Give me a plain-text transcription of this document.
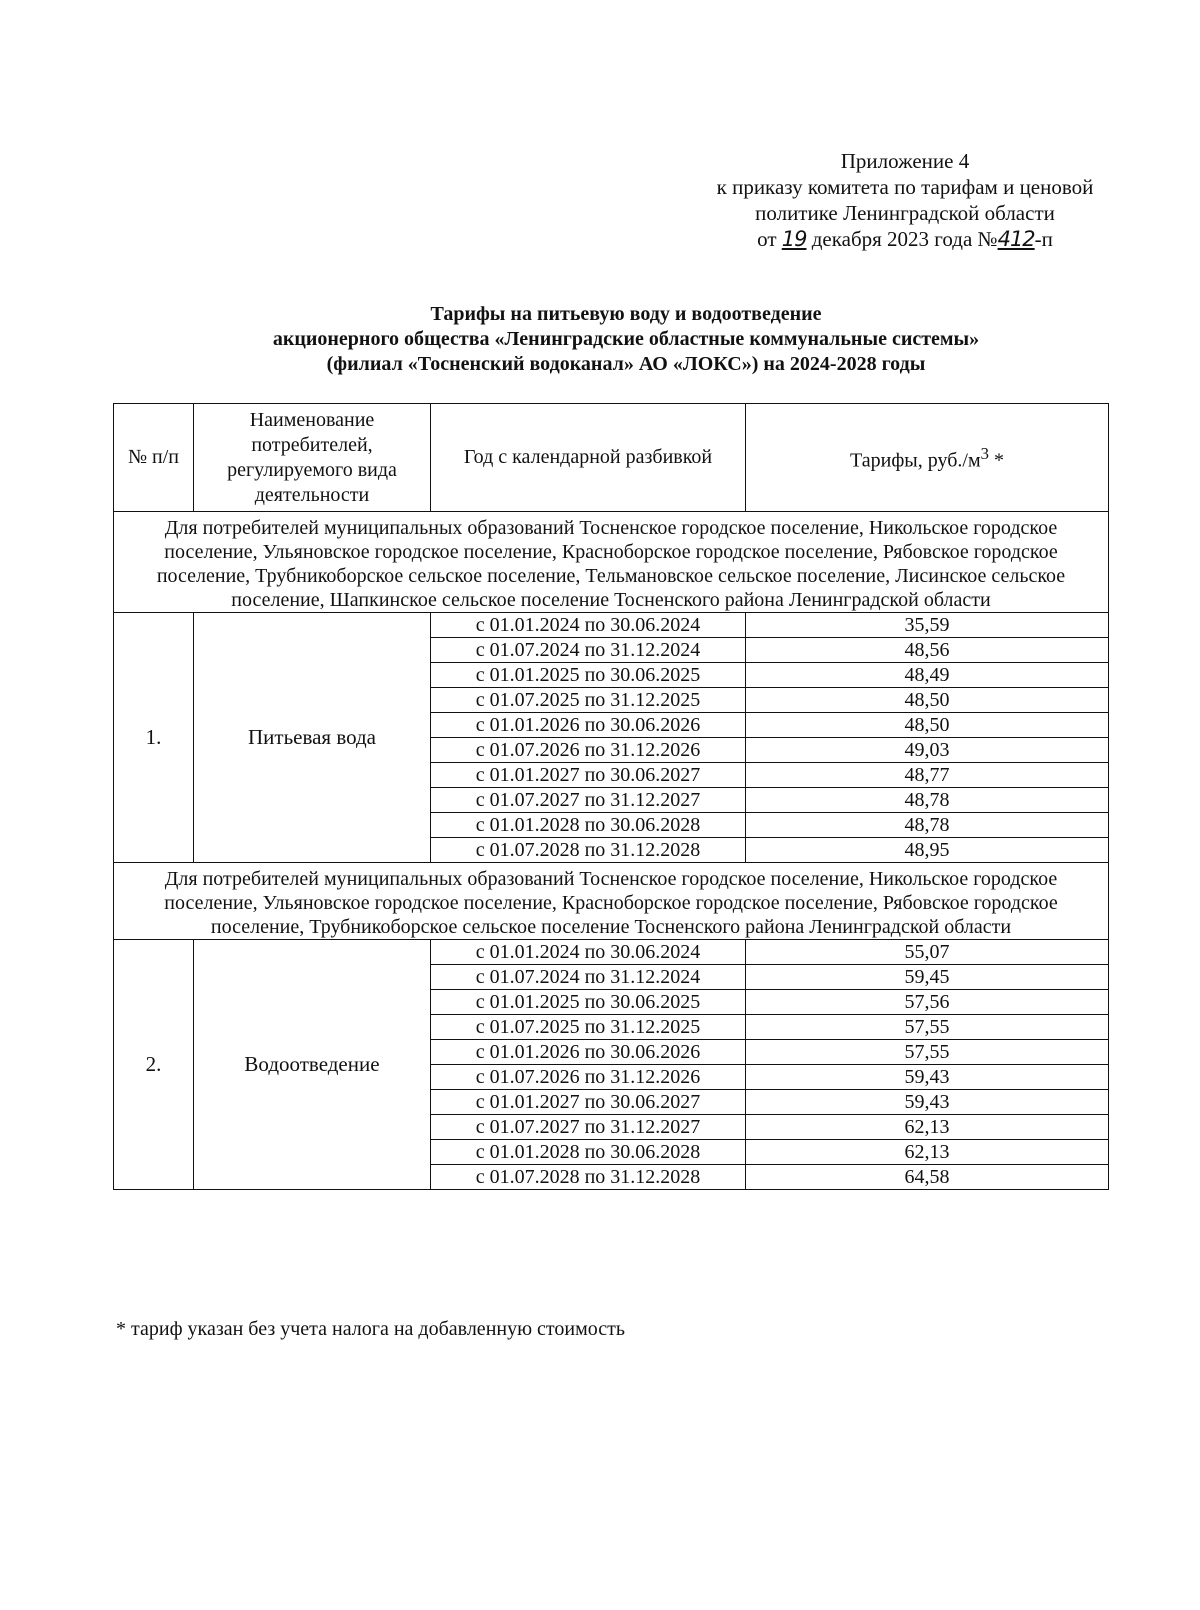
Приложение 4
к приказу комитета по тарифам и ценовой
политике Ленинградской области
от 19 декабря 2023 года №412-п
Тарифы на питьевую воду и водоотведение
акционерного общества «Ленинградские областные коммунальные системы»
(филиал «Тосненский водоканал» АО «ЛОКС») на 2024-2028 годы
№ п/п	Наименование потребителей, регулируемого вида деятельности	Год с календарной разбивкой	Тарифы, $руб./м^3$ *
Для потребителей муниципальных образований Тосненское городское поселение, Никольское городское поселение, Ульяновское городское поселение, Красноборское городское поселение, Рябовское городское поселение, Трубникоборское сельское поселение, Тельмановское сельское поселение, Лисинское сельское поселение, Шапкинское сельское поселение Тосненского района Ленинградской области			
1.	Питьевая вода	с 01.01.2024 по 30.06.2024	35,59
		с 01.07.2024 по 31.12.2024	48,56
		с 01.01.2025 по 30.06.2025	48,49
		с 01.07.2025 по 31.12.2025	48,50
		с 01.01.2026 по 30.06.2026	48,50
		с 01.07.2026 по 31.12.2026	49,03
		с 01.01.2027 по 30.06.2027	48,77
		с 01.07.2027 по 31.12.2027	48,78
		с 01.01.2028 по 30.06.2028	48,78
		с 01.07.2028 по 31.12.2028	48,95
Для потребителей муниципальных образований Тосненское городское поселение, Никольское городское поселение, Ульяновское городское поселение, Красноборское городское поселение, Рябовское городское поселение, Трубникоборское сельское поселение Тосненского района Ленинградской области			
2.	Водоотведение	с 01.01.2024 по 30.06.2024	55,07
		с 01.07.2024 по 31.12.2024	59,45
		с 01.01.2025 по 30.06.2025	57,56
		с 01.07.2025 по 31.12.2025	57,55
		с 01.01.2026 по 30.06.2026	57,55
		с 01.07.2026 по 31.12.2026	59,43
		с 01.01.2027 по 30.06.2027	59,43
		с 01.07.2027 по 31.12.2027	62,13
		с 01.01.2028 по 30.06.2028	62,13
		с 01.07.2028 по 31.12.2028	64,58
* тариф указан без учета налога на добавленную стоимость
